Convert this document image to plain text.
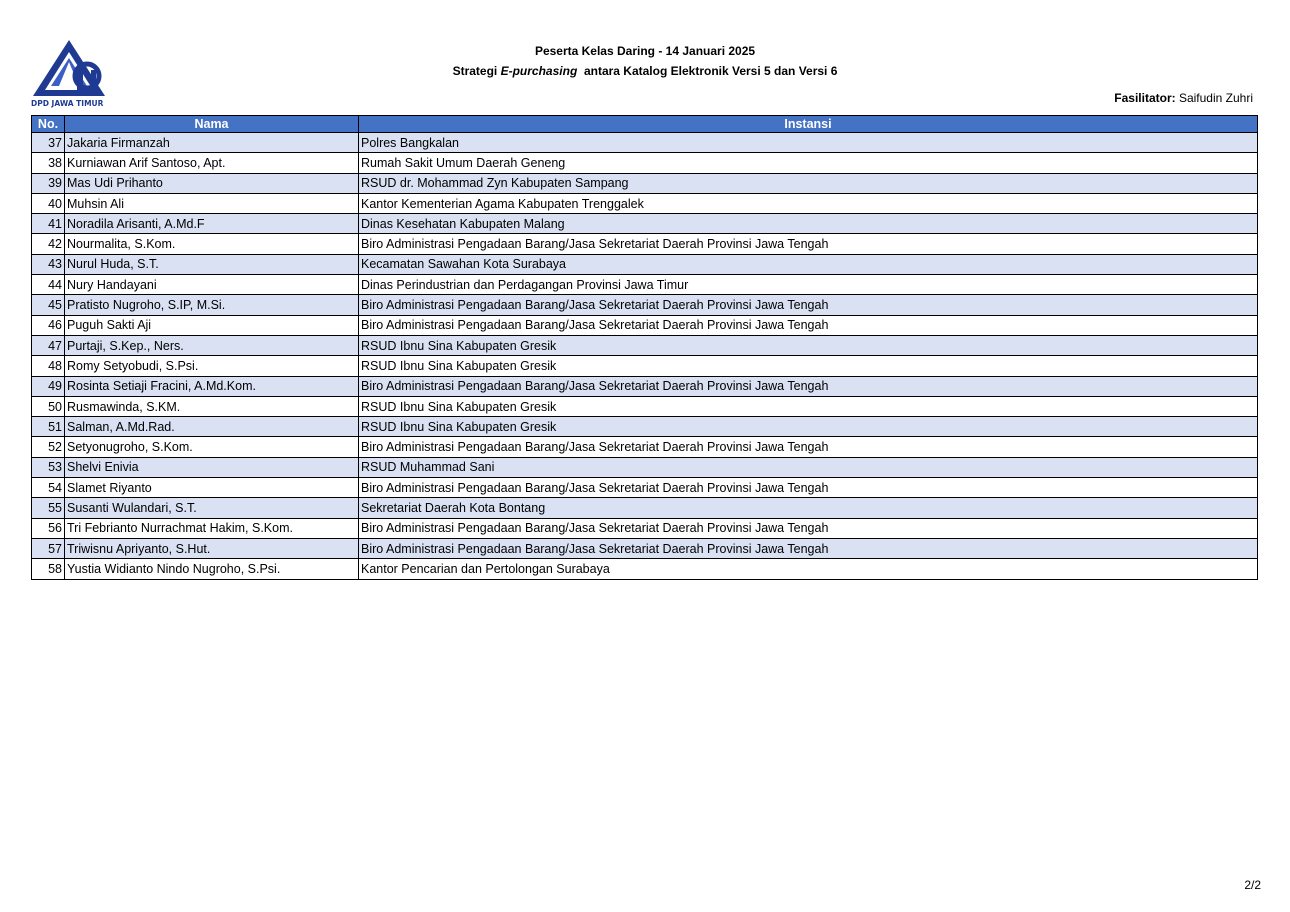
DPD JAWA TIMUR
Peserta Kelas Daring - 14 Januari 2025
Strategi E-purchasing  antara Katalog Elektronik Versi 5 dan Versi 6
Fasilitator: Saifudin Zuhri
No.	Nama	Instansi
37	Jakaria Firmanzah	Polres Bangkalan
38	Kurniawan Arif Santoso, Apt.	Rumah Sakit Umum Daerah Geneng
39	Mas Udi Prihanto	RSUD dr. Mohammad Zyn Kabupaten Sampang
40	Muhsin Ali	Kantor Kementerian Agama Kabupaten Trenggalek
41	Noradila Arisanti, A.Md.F	Dinas Kesehatan Kabupaten Malang
42	Nourmalita, S.Kom.	Biro Administrasi Pengadaan Barang/Jasa Sekretariat Daerah Provinsi Jawa Tengah
43	Nurul Huda, S.T.	Kecamatan Sawahan Kota Surabaya
44	Nury Handayani	Dinas Perindustrian dan Perdagangan Provinsi Jawa Timur
45	Pratisto Nugroho, S.IP, M.Si.	Biro Administrasi Pengadaan Barang/Jasa Sekretariat Daerah Provinsi Jawa Tengah
46	Puguh Sakti Aji	Biro Administrasi Pengadaan Barang/Jasa Sekretariat Daerah Provinsi Jawa Tengah
47	Purtaji, S.Kep., Ners.	RSUD Ibnu Sina Kabupaten Gresik
48	Romy Setyobudi, S.Psi.	RSUD Ibnu Sina Kabupaten Gresik
49	Rosinta Setiaji Fracini, A.Md.Kom.	Biro Administrasi Pengadaan Barang/Jasa Sekretariat Daerah Provinsi Jawa Tengah
50	Rusmawinda, S.KM.	RSUD Ibnu Sina Kabupaten Gresik
51	Salman, A.Md.Rad.	RSUD Ibnu Sina Kabupaten Gresik
52	Setyonugroho, S.Kom.	Biro Administrasi Pengadaan Barang/Jasa Sekretariat Daerah Provinsi Jawa Tengah
53	Shelvi Enivia	RSUD Muhammad Sani
54	Slamet Riyanto	Biro Administrasi Pengadaan Barang/Jasa Sekretariat Daerah Provinsi Jawa Tengah
55	Susanti Wulandari, S.T.	Sekretariat Daerah Kota Bontang
56	Tri Febrianto Nurrachmat Hakim, S.Kom.	Biro Administrasi Pengadaan Barang/Jasa Sekretariat Daerah Provinsi Jawa Tengah
57	Triwisnu Apriyanto, S.Hut.	Biro Administrasi Pengadaan Barang/Jasa Sekretariat Daerah Provinsi Jawa Tengah
58	Yustia Widianto Nindo Nugroho, S.Psi.	Kantor Pencarian dan Pertolongan Surabaya
2/2
